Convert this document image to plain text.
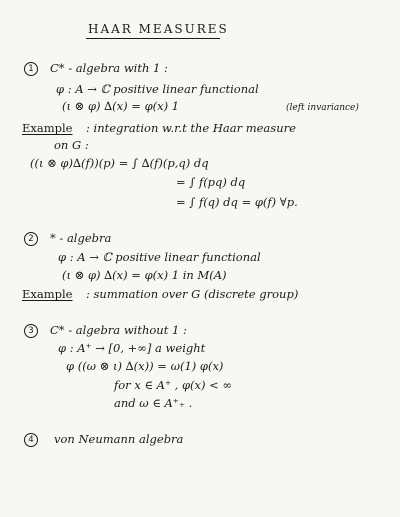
HAAR MEASURES
1	C* - algebra with 1 :
φ : A → ℂ positive linear functional
(ι ⊗ φ) ∆(x) = φ(x) 1	(left invariance)
Example : integration w.r.t the Haar measure
on G :
((ι ⊗ φ)∆(f))(p) = ∫ ∆(f)(p,q) dq
= ∫ f(pq) dq
= ∫ f(q) dq = φ(f) ∀p.
2	* - algebra
φ : A → ℂ positive linear functional
(ι ⊗ φ) ∆(x) = φ(x) 1 in M(A)
Example : summation over G (discrete group)
3	C* - algebra without 1 :
φ : A⁺ → [0, +∞] a weight
φ ((ω ⊗ ι) ∆(x)) = ω(1) φ(x)
for x ∈ A⁺ , φ(x) < ∞
and ω ∈ A⁺₊ .
4	von Neumann algebra
